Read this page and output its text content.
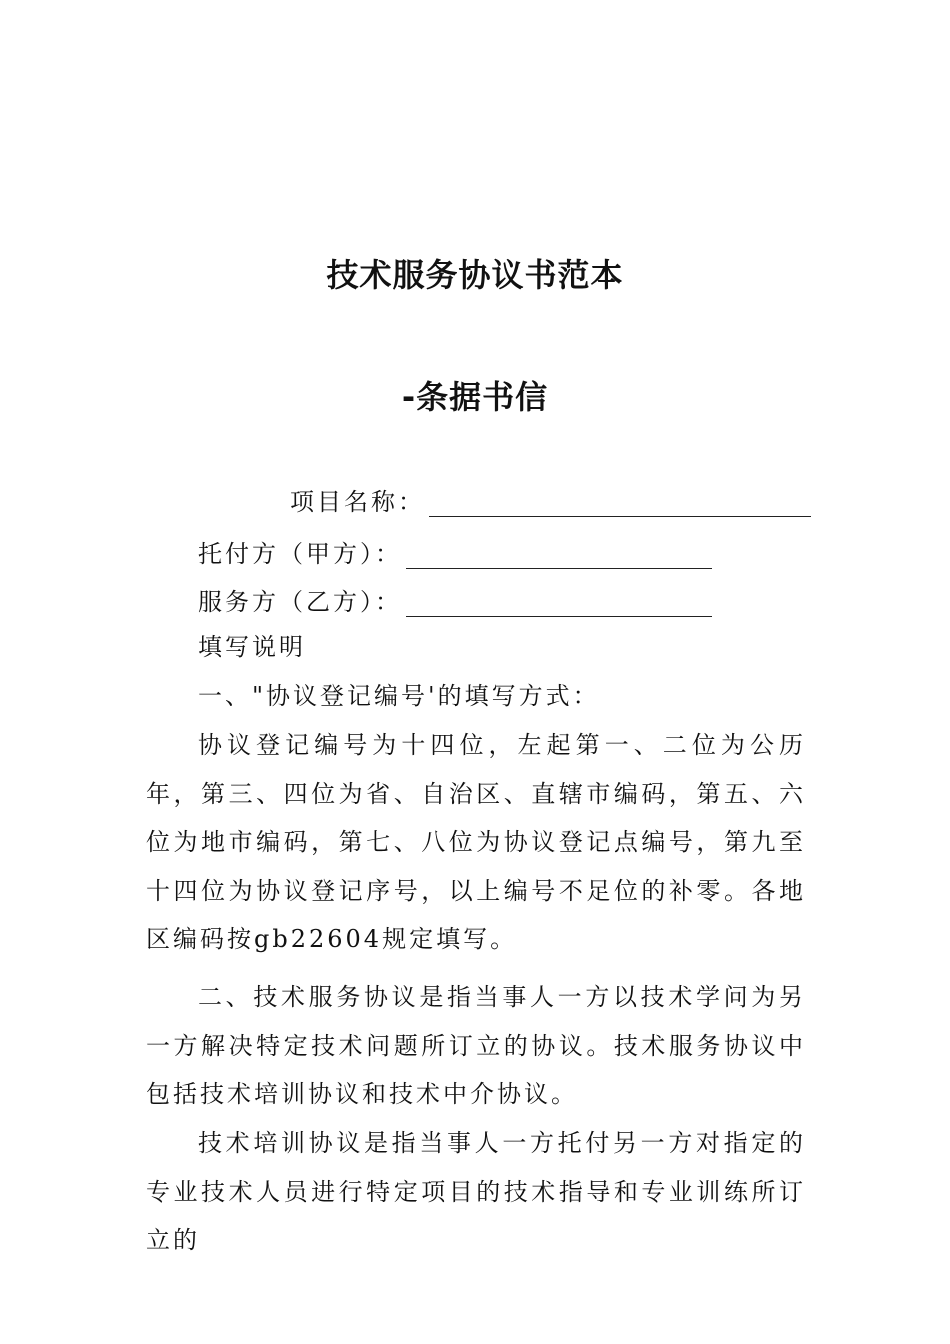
技术服务协议书范本
-条据书信
项目名称：
托付方（甲方）：
服务方（乙方）：

填写说明

一、"协议登记编号'的填写方式：

协议登记编号为十四位，左起第一、二位为公历年，第三、四位为省、自治区、直辖市编码，第五、六位为地市编码，第七、八位为协议登记点编号，第九至十四位为协议登记序号，以上编号不足位的补零。各地区编码按gb22604规定填写。

二、技术服务协议是指当事人一方以技术学问为另一方解决特定技术问题所订立的协议。技术服务协议中包括技术培训协议和技术中介协议。

技术培训协议是指当事人一方托付另一方对指定的专业技术人员进行特定项目的技术指导和专业训练所订立的
